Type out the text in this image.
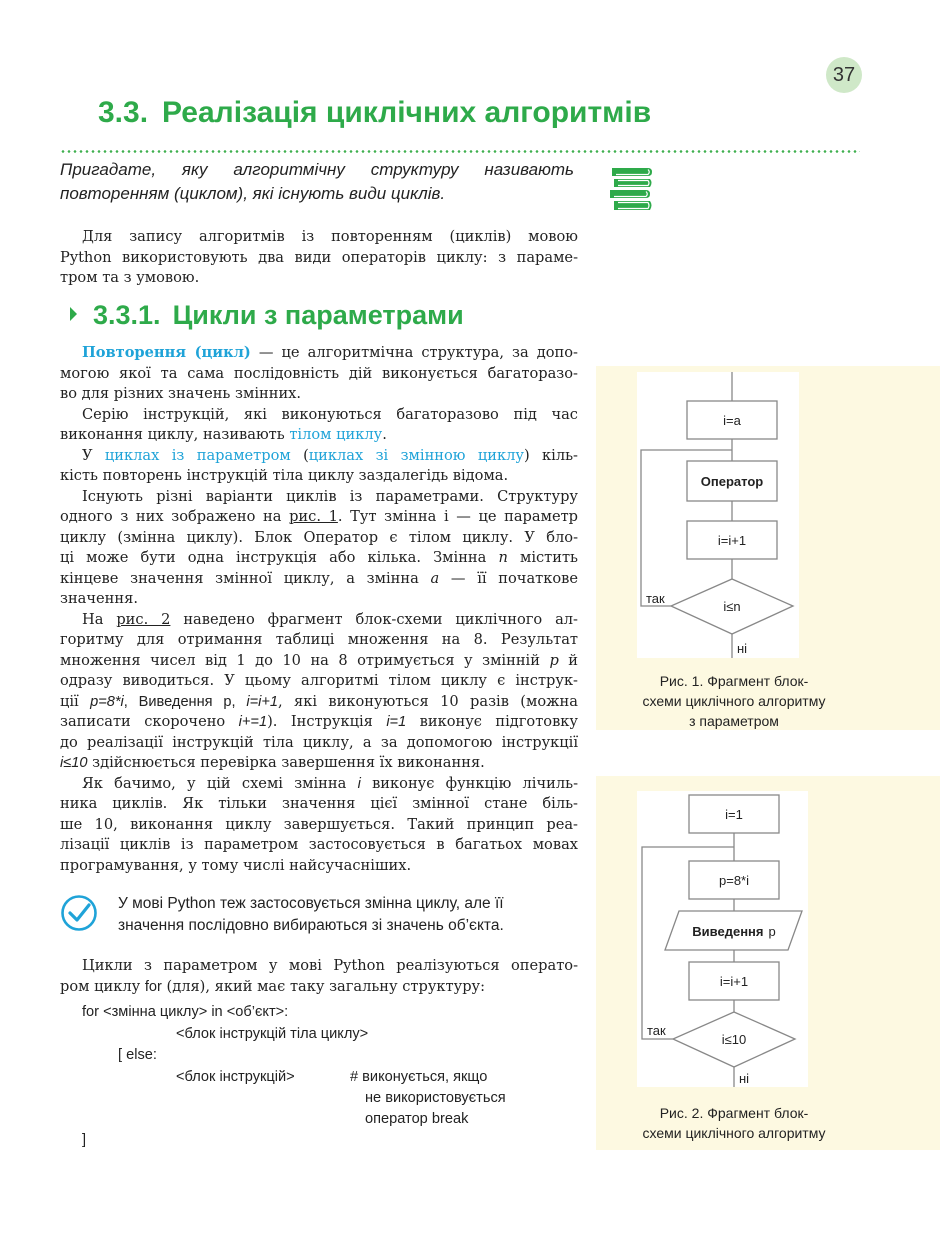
37
3.3. Реалізація циклічних алгоритмів
Пригадате, яку алгоритмічну структуру називають
повторенням (циклом), які існують види циклів.
Для запису алгоритмів із повторенням (циклів) мовою
Python використовують два види операторів циклу: з параме-
тром та з умовою.
3.3.1. Цикли з параметрами
Повторення (цикл) — це алгоритмічна структура, за допо-
могою якої та сама послідовність дій виконується багаторазо-
во для різних значень змінних.
Серію інструкцій, які виконуються багаторазово під час
виконання циклу, називають тілом циклу.
У циклах із параметром (циклах зі змінною циклу) кіль-
кість повторень інструкцій тіла циклу заздалегідь відома.
Існують різні варіанти циклів із параметрами. Структуру
одного з них зображено на рис. 1. Тут змінна i — це параметр
циклу (змінна циклу). Блок Оператор є тілом циклу. У бло-
ці може бути одна інструкція або кілька. Змінна n містить
кінцеве значення змінної циклу, а змінна a — її початкове
значення.
На рис. 2 наведено фрагмент блок-схеми циклічного ал-
горитму для отримання таблиці множення на 8. Результат
множення чисел від 1 до 10 на 8 отримується у змінній p й
одразу виводиться. У цьому алгоритмі тілом циклу є інструк-
ції p=8*i, Виведення р, i=i+1, які виконуються 10 разів (можна
записати скорочено i+=1). Інструкція i=1 виконує підготовку
до реалізації інструкцій тіла циклу, а за допомогою інструкції
i≤10 здійснюється перевірка завершення їх виконання.
Як бачимо, у цій схемі змінна i виконує функцію лічиль-
ника циклів. Як тільки значення цієї змінної стане біль-
ше 10, виконання циклу завершується. Такий принцип реа-
лізації циклів із параметром застосовується в багатьох мовах
програмування, у тому числі найсучасніших.
У мові Python теж застосовується змінна циклу, але її
значення послідовно вибираються зі значень об’єкта.
Цикли з параметром у мові Python реалізуються операто-
ром циклу for (для), який має таку загальну структуру:
for <змінна циклу> in <об’єкт>:
<блок інструкцій тіла циклу>
[ else:
<блок інструкцій>	# виконується, якщо
не використовується
оператор break
]
i=a
Оператор
i=i+1
i≤n
так
ні
Рис. 1. Фрагмент блок-
схеми циклічного алгоритму
з параметром
i=1
p=8*i
Виведення р
i=i+1
i≤10
так
ні
Рис. 2. Фрагмент блок-
схеми циклічного алгоритму
